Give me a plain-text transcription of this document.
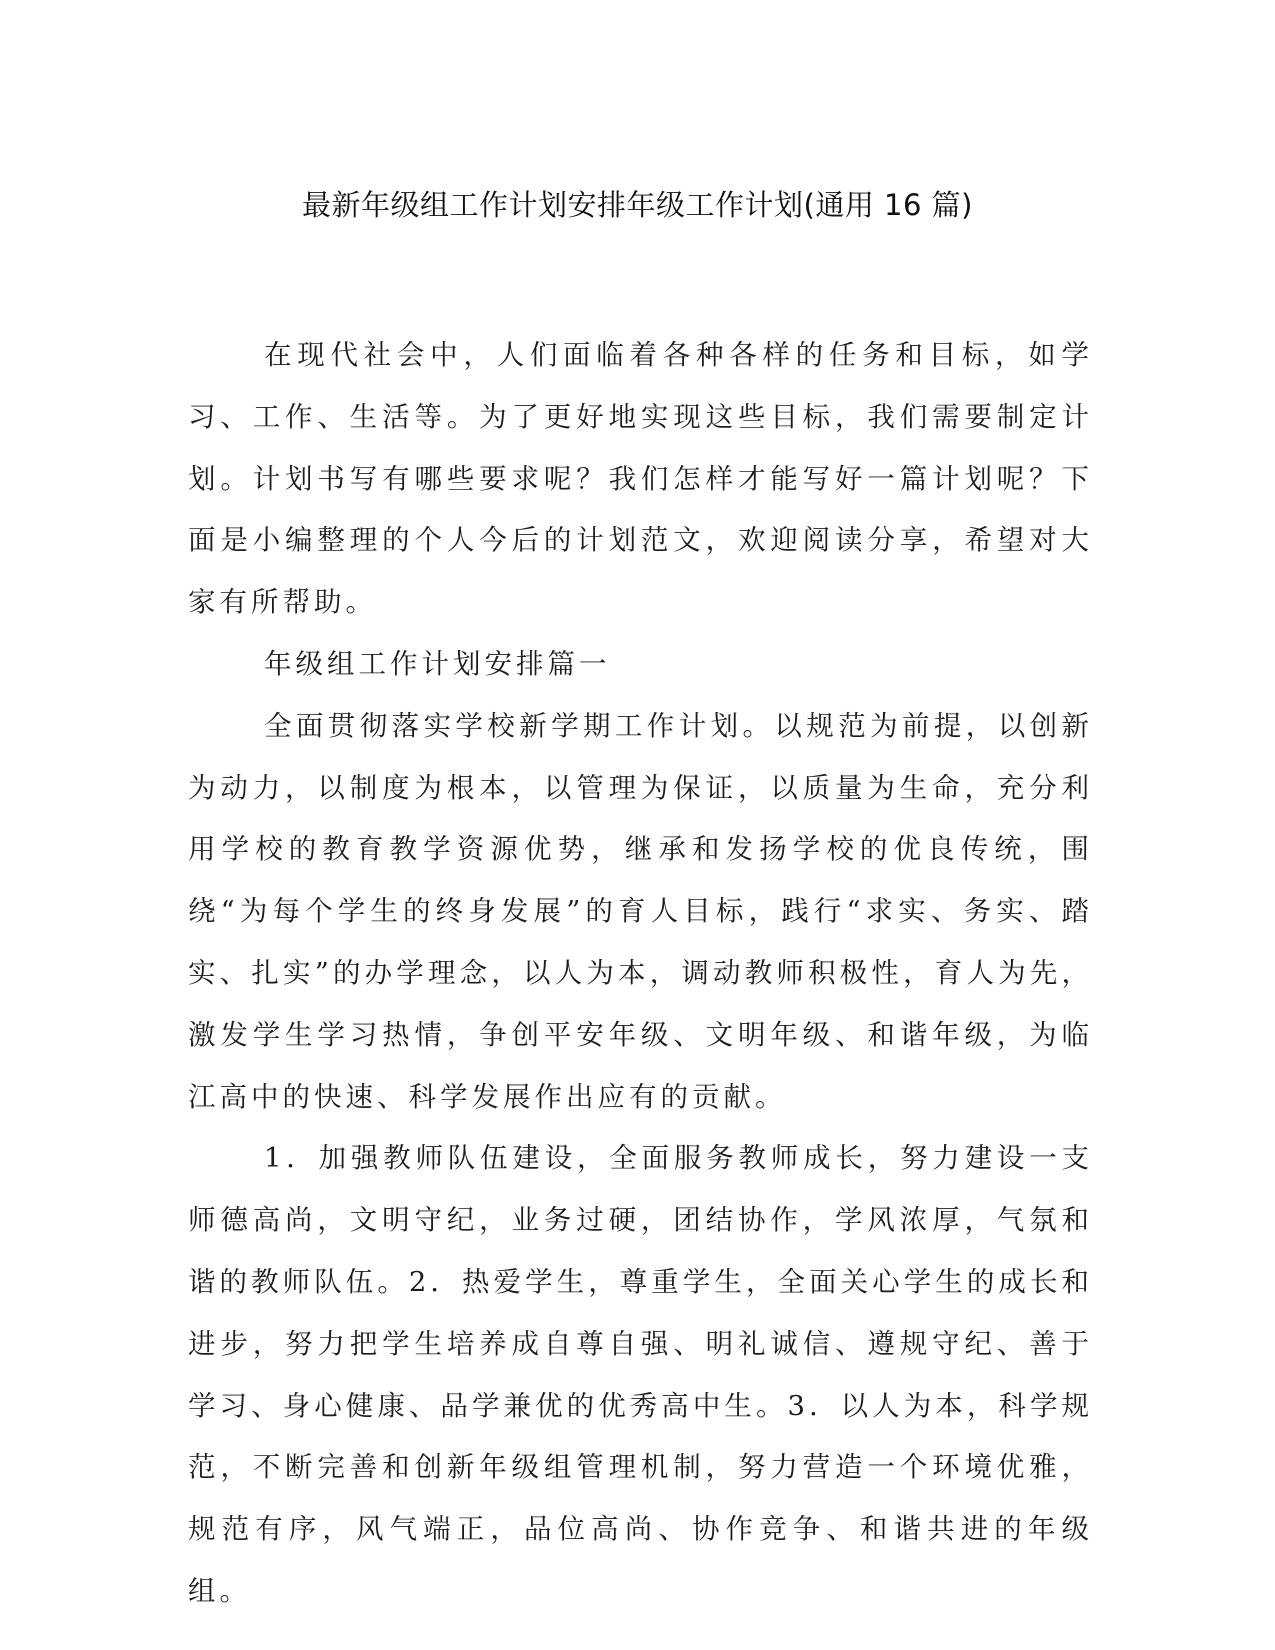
最新年级组工作计划安排年级工作计划(通用 16 篇)

在现代社会中，人们面临着各种各样的任务和目标，如学习、工作、生活等。为了更好地实现这些目标，我们需要制定计划。计划书写有哪些要求呢？我们怎样才能写好一篇计划呢？下面是小编整理的个人今后的计划范文，欢迎阅读分享，希望对大家有所帮助。

年级组工作计划安排篇一

全面贯彻落实学校新学期工作计划。以规范为前提，以创新为动力，以制度为根本，以管理为保证，以质量为生命，充分利用学校的教育教学资源优势，继承和发扬学校的优良传统，围绕“为每个学生的终身发展”的育人目标，践行“求实、务实、踏实、扎实”的办学理念，以人为本，调动教师积极性，育人为先，激发学生学习热情，争创平安年级、文明年级、和谐年级，为临江高中的快速、科学发展作出应有的贡献。

1．加强教师队伍建设，全面服务教师成长，努力建设一支师德高尚，文明守纪，业务过硬，团结协作，学风浓厚，气氛和谐的教师队伍。2．热爱学生，尊重学生，全面关心学生的成长和进步，努力把学生培养成自尊自强、明礼诚信、遵规守纪、善于学习、身心健康、品学兼优的优秀高中生。3．以人为本，科学规范，不断完善和创新年级组管理机制，努力营造一个环境优雅，规范有序，风气端正，品位高尚、协作竞争、和谐共进的年级组。
